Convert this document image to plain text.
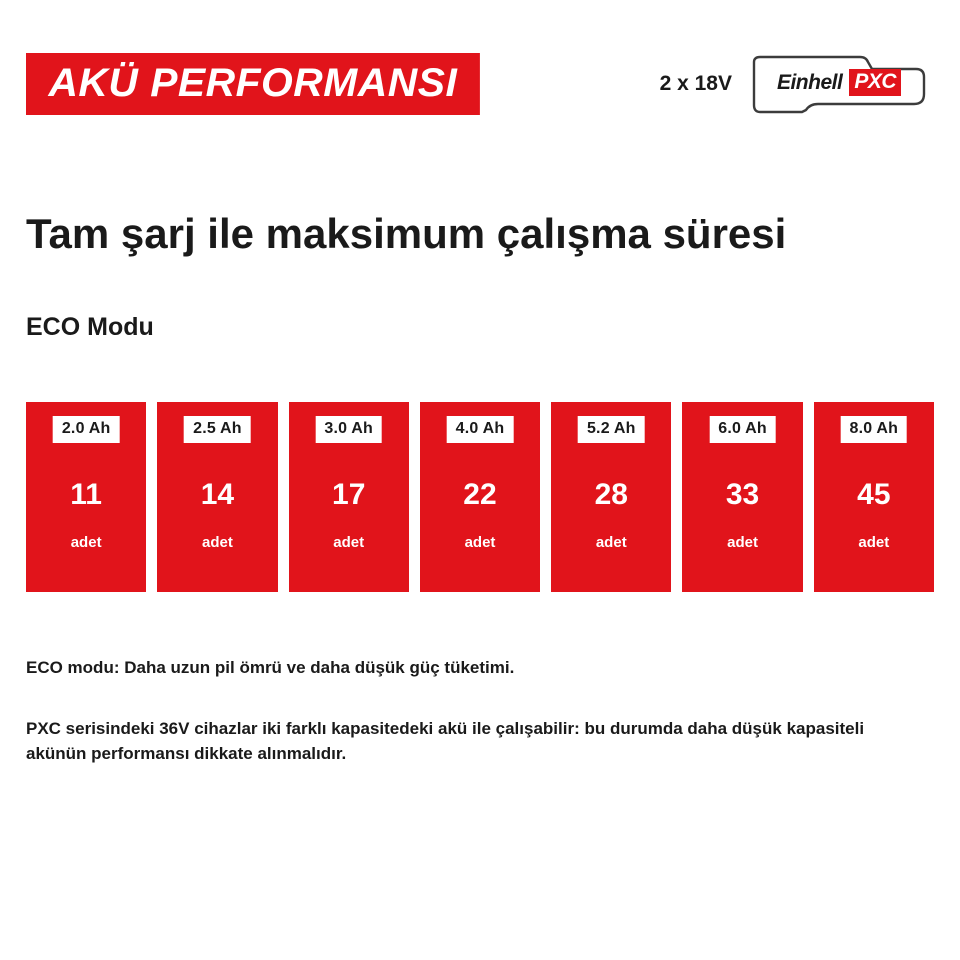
AKÜ PERFORMANSI	2 x 18V Einhell PXC
Tam şarj ile maksimum çalışma süresi
ECO Modu
2.0 Ah
11
adet
2.5 Ah
14
adet
3.0 Ah
17
adet
4.0 Ah
22
adet
5.2 Ah
28
adet
6.0 Ah
33
adet
8.0 Ah
45
adet

ECO modu: Daha uzun pil ömrü ve daha düşük güç tüketimi.

PXC serisindeki 36V cihazlar iki farklı kapasitedeki akü ile çalışabilir: bu durumda daha düşük kapasiteli akünün performansı dikkate alınmalıdır.
